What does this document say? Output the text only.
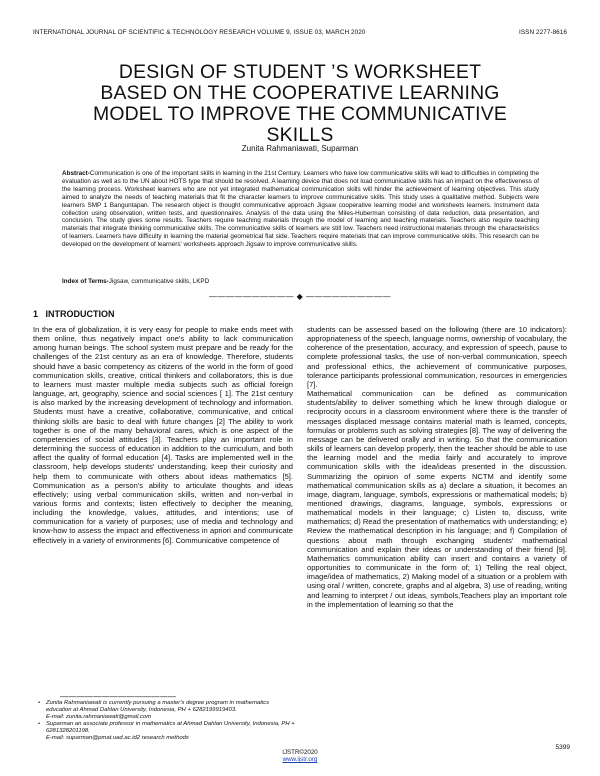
INTERNATIONAL JOURNAL OF SCIENTIFIC & TECHNOLOGY RESEARCH VOLUME 9, ISSUE 03, MARCH 2020	ISSN 2277-8616
DESIGN OF STUDENT ’S WORKSHEET
BASED ON THE COOPERATIVE LEARNING
MODEL TO IMPROVE THE COMMUNICATIVE
SKILLS
Zunita Rahmaniawati, Suparman
Abstract-Communication is one of the important skills in learning in the 21st Century. Learners who have low communicative skills will lead to difficulties in completing the evaluation as well as to the UN about HOTS type that should be resolved. A learning device that does not load communicative skills has an impact on the effectiveness of the learning process. Worksheet learners who are not yet integrated mathematical communication skills will hinder the achievement of learning objectives. This study aimed to analyze the needs of teaching materials that fit the character learners to improve communicative skills. This study uses a qualitative method. Subjects were learners SMP 1 Banguntapan. The research object is thought communicative approach Jigsaw cooperative learning model and worksheets learners. Instrument data collection using observation, written tests, and questionnaires. Analysis of the data using the Miles-Huberman consisting of data reduction, data presentation, and conclusion. The study gives some results. Teachers require teaching materials through the model of learning and teaching materials. Teachers also require teaching materials that integrate thinking communicative skills. The communicative skills of learners are still low. Teachers need instructional materials through the characteristics of learners. Learners have difficulty in learning the material geometrical flat side. Teachers require materials that can improve communicative skills. This research can be developed on the development of learners' worksheets approach Jigsaw to improve communicative skills.
Index of Terms-Jigsaw, communicative skills, LKPD
—————————— ◆ ——————————
1 INTRODUCTION
In the era of globalization, it is very easy for people to make ends meet with them online, thus negatively impact one's ability to lack communication among human beings. The school system must prepare and be ready for the challenges of the 21st century as an era of knowledge. Therefore, students should have a basic competency as citizens of the world in the form of good communication skills, creative, critical thinkers and collaborators, this is due to learners must master multiple media subjects such as official foreign language, art, geography, science and social sciences [ 1]. The 21st century is also marked by the increasing development of technology and information. Students must have a creative, collaborative, communicative, and critical thinking skills are basic to deal with future changes [2] The ability to work together is one of the many behavioral cares, which is one aspect of the competencies of social attitudes [3]. Teachers play an important role in determining the success of education in addition to the curriculum, and both affect the quality of formal education [4]. Tasks are implemented well in the classroom, help develops students' understanding, keep their curiosity and help them to communicate with others about ideas mathematics [5]. Communication as a person's ability to articulate thoughts and ideas effectively; using verbal communication skills, written and non-verbal in various forms and contexts; listen effectively to decipher the meaning, including the knowledge, values, attitudes, and intentions; use of communication for a variety of purposes; use of media and technology and know-how to assess the impact and effectiveness in apriori and communicate effectively in a variety of environments [6]. Communicative competence of
students can be assessed based on the following (there are 10 indicators): appropriateness of the speech, language norms, ownership of vocabulary, the coherence of the presentation, accuracy, and expression of speech, pause to complete professional tasks, the use of non-verbal communication, speech and professional ethics, the achievement of communicative purposes, tolerance participants professional communication, resources in emergencies [7].
Mathematical communication can be defined as communication students/ability to deliver something which he knew through dialogue or reciprocity occurs in a classroom environment where there is the transfer of messages displaced message contains material math is learned, concepts, formulas or problems such as solving strategies [8]. The way of delivering the message can be delivered orally and in writing. So that the communication skills of learners can develop properly, then the teacher should be able to use the learning model and the media fairly and accurately to improve communication skills with the idea/ideas presented in the discussion. Summarizing the opinion of some experts NCTM and identify some mathematical communication skills as a) declare a situation, it becomes an image, diagram, language, symbols, expressions or mathematical models; b) mentioned drawings, diagrams, language, symbols, expressions or mathematical models in their language; c) Listen to, discuss, write mathematics; d) Read the presentation of mathematics with understanding; e) Review the mathematical description in his language; and f) Compilation of questions about math through exchanging students' mathematical communication and explain their ideas or understanding of their friend [9]. Mathematics communication ability can insert and contains a variety of opportunities to communicate in the form of; 1) Telling the real object, image/idea of mathematics, 2) Making model of a situation or a problem with using oral / written, concrete, graphs and al algebra, 3) use of reading, writing and learning to interpret / out ideas, symbols,Teachers play an important role in the implementation of learning so that the
——————————————
• Zunita Rahmaniawati is currently pursuing a master's degree program in mathematics education at Ahmad Dahlan University, Indonesia, PH + 6282199919403.

E-mail: zunita.rahmaniawati@gmail.com

• Suparman an associate professor in mathematics at Ahmad Dahlan University, Indonesia, PH + 6281328201198.

E-mail: suparman@pmat.uad.ac.id2 research methods

5399
IJSTR©2020
www.ijstr.org
